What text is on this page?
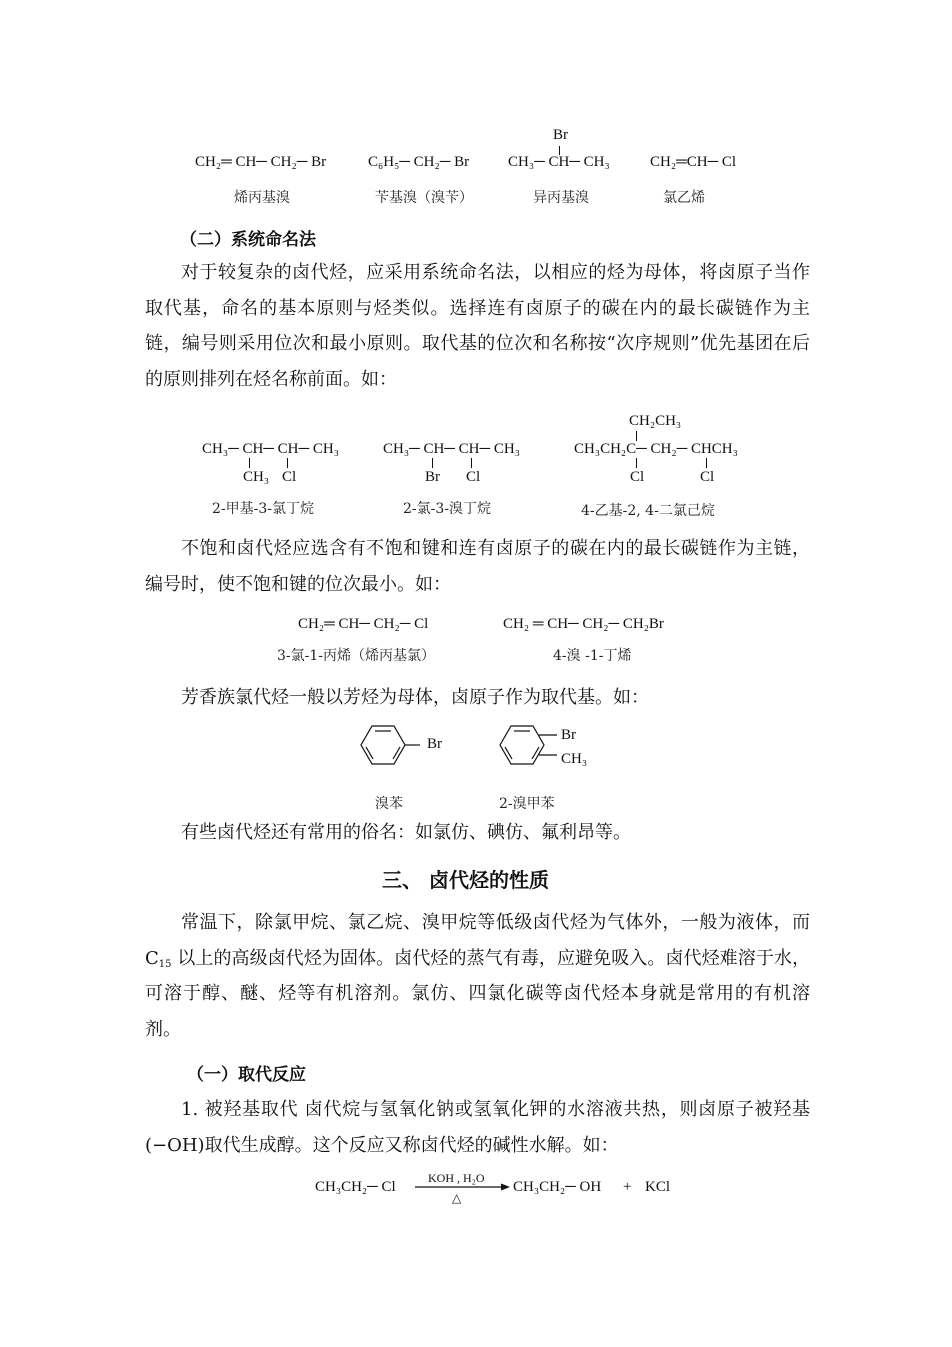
CH₂═ CH─ CH₂─ Br
烯丙基溴
C₆H₅─ CH₂─ Br
苄基溴（溴苄）
Br
CH₃─ CH─ CH₃
异丙基溴
CH₂═CH─ Cl
氯乙烯
（二）系统命名法

对于较复杂的卤代烃，应采用系统命名法，以相应的烃为母体，将卤原子当作取代基，命名的基本原则与烃类似。选择连有卤原子的碳在内的最长碳链作为主链，编号则采用位次和最小原则。取代基的位次和名称按“次序规则”优先基团在后的原则排列在烃名称前面。如：

CH₃─ CH─ CH─ CH₃
CH₃ Cl
2-甲基-3-氯丁烷
CH₃─ CH─ CH─ CH₃
Br Cl
2-氯-3-溴丁烷
CH₂CH₃
CH₃CH₂C─ CH₂─ CHCH₃
Cl	Cl
4-乙基-2, 4-二氯己烷

不饱和卤代烃应选含有不饱和键和连有卤原子的碳在内的最长碳链作为主链，编号时，使不饱和键的位次最小。如：

CH₂═ CH─ CH₂─ Cl
3-氯-1-丙烯（烯丙基氯）
CH₂ ═ CH─ CH₂─ CH₂Br
4-溴 -1-丁烯

芳香族氯代烃一般以芳烃为母体，卤原子作为取代基。如：

Br
溴苯
Br
CH₃
2-溴甲苯

有些卤代烃还有常用的俗名：如氯仿、碘仿、氟利昂等。

三、 卤代烃的性质

常温下，除氯甲烷、氯乙烷、溴甲烷等低级卤代烃为气体外，一般为液体，而 $C_{15}$ 以上的高级卤代烃为固体。卤代烃的蒸气有毒，应避免吸入。卤代烃难溶于水，可溶于醇、醚、烃等有机溶剂。氯仿、四氯化碳等卤代烃本身就是常用的有机溶剂。

（一）取代反应

1. 被羟基取代 卤代烷与氢氧化钠或氢氧化钾的水溶液共热，则卤原子被羟基(−OH)取代生成醇。这个反应又称卤代烃的碱性水解。如：

CH₃CH₂─ Cl
KOH , H₂O
△
CH₃CH₂─ OH + KCl
